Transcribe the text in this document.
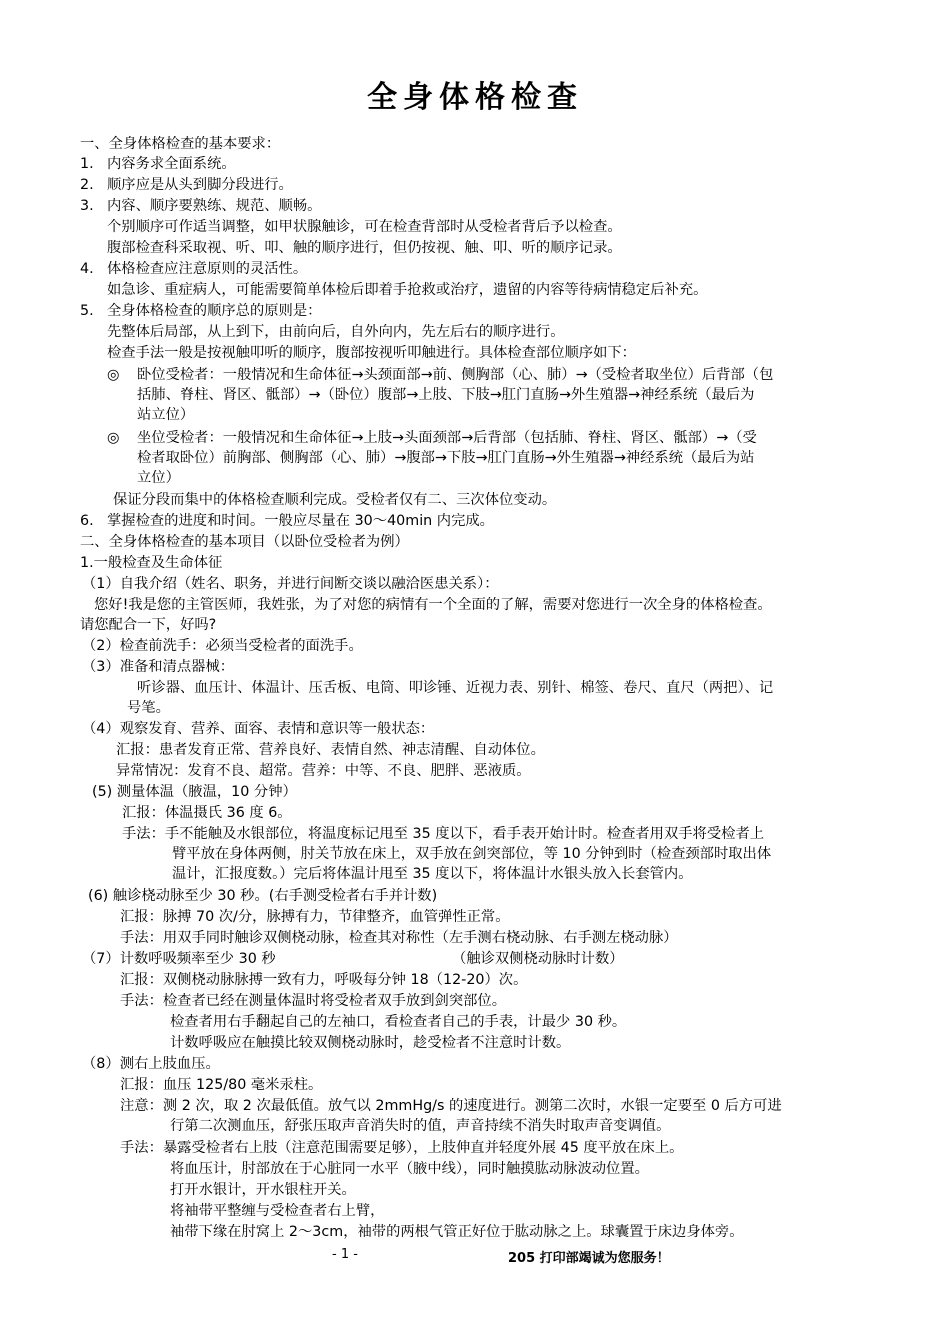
全身体格检查
一、全身体格检查的基本要求：
1. 内容务求全面系统。
2. 顺序应是从头到脚分段进行。
3. 内容、顺序要熟练、规范、顺畅。
个别顺序可作适当调整，如甲状腺触诊，可在检查背部时从受检者背后予以检查。
腹部检查科采取视、听、叩、触的顺序进行，但仍按视、触、叩、听的顺序记录。
4. 体格检查应注意原则的灵活性。
如急诊、重症病人，可能需要简单体检后即着手抢救或治疗，遗留的内容等待病情稳定后补充。
5. 全身体格检查的顺序总的原则是：
先整体后局部，从上到下，由前向后，自外向内，先左后右的顺序进行。
检查手法一般是按视触叩听的顺序，腹部按视听叩触进行。具体检查部位顺序如下：
◎ 卧位受检者：一般情况和生命体征→头颈面部→前、侧胸部（心、肺）→（受检者取坐位）后背部（包
括肺、脊柱、肾区、骶部）→（卧位）腹部→上肢、下肢→肛门直肠→外生殖器→神经系统（最后为
站立位）
◎ 坐位受检者：一般情况和生命体征→上肢→头面颈部→后背部（包括肺、脊柱、肾区、骶部）→（受
检者取卧位）前胸部、侧胸部（心、肺）→腹部→下肢→肛门直肠→外生殖器→神经系统（最后为站
立位）
保证分段而集中的体格检查顺利完成。受检者仅有二、三次体位变动。
6. 掌握检查的进度和时间。一般应尽量在 30～40min 内完成。
二、全身体格检查的基本项目（以卧位受检者为例）
1.一般检查及生命体征
（1）自我介绍（姓名、职务，并进行间断交谈以融洽医患关系）：
您好!我是您的主管医师，我姓张，为了对您的病情有一个全面的了解，需要对您进行一次全身的体格检查。
请您配合一下，好吗?
（2）检查前洗手：必须当受检者的面洗手。
（3）准备和清点器械：
听诊器、血压计、体温计、压舌板、电筒、叩诊锤、近视力表、别针、棉签、卷尺、直尺（两把）、记
号笔。
（4）观察发育、营养、面容、表情和意识等一般状态：
汇报：患者发育正常、营养良好、表情自然、神志清醒、自动体位。
异常情况：发育不良、超常。营养：中等、不良、肥胖、恶液质。
(5) 测量体温（腋温，10 分钟）
汇报：体温摄氏 36 度 6。
手法：手不能触及水银部位，将温度标记甩至 35 度以下，看手表开始计时。检查者用双手将受检者上
臂平放在身体两侧，肘关节放在床上，双手放在剑突部位，等 10 分钟到时（检查颈部时取出体
温计，汇报度数。）完后将体温计甩至 35 度以下，将体温计水银头放入长套管内。
(6) 触诊桡动脉至少 30 秒。(右手测受检者右手并计数)
汇报：脉搏 70 次/分，脉搏有力，节律整齐，血管弹性正常。
手法：用双手同时触诊双侧桡动脉，检查其对称性（左手测右桡动脉、右手测左桡动脉）
（7）计数呼吸频率至少 30 秒	（触诊双侧桡动脉时计数）
汇报：双侧桡动脉脉搏一致有力，呼吸每分钟 18（12-20）次。
手法：检查者已经在测量体温时将受检者双手放到剑突部位。
检查者用右手翻起自己的左袖口，看检查者自己的手表，计最少 30 秒。
计数呼吸应在触摸比较双侧桡动脉时，趁受检者不注意时计数。
（8）测右上肢血压。
汇报：血压 125/80 毫米汞柱。
注意：测 2 次，取 2 次最低值。放气以 2mmHg/s 的速度进行。测第二次时，水银一定要至 0 后方可进
行第二次测血压，舒张压取声音消失时的值，声音持续不消失时取声音变调值。
手法：暴露受检者右上肢（注意范围需要足够），上肢伸直并轻度外展 45 度平放在床上。
将血压计，肘部放在于心脏同一水平（腋中线），同时触摸肱动脉波动位置。
打开水银计，开水银柱开关。
将袖带平整缠与受检查者右上臂，
袖带下缘在肘窝上 2～3cm，袖带的两根气管正好位于肱动脉之上。球囊置于床边身体旁。
- 1 -	205 打印部竭诚为您服务！
